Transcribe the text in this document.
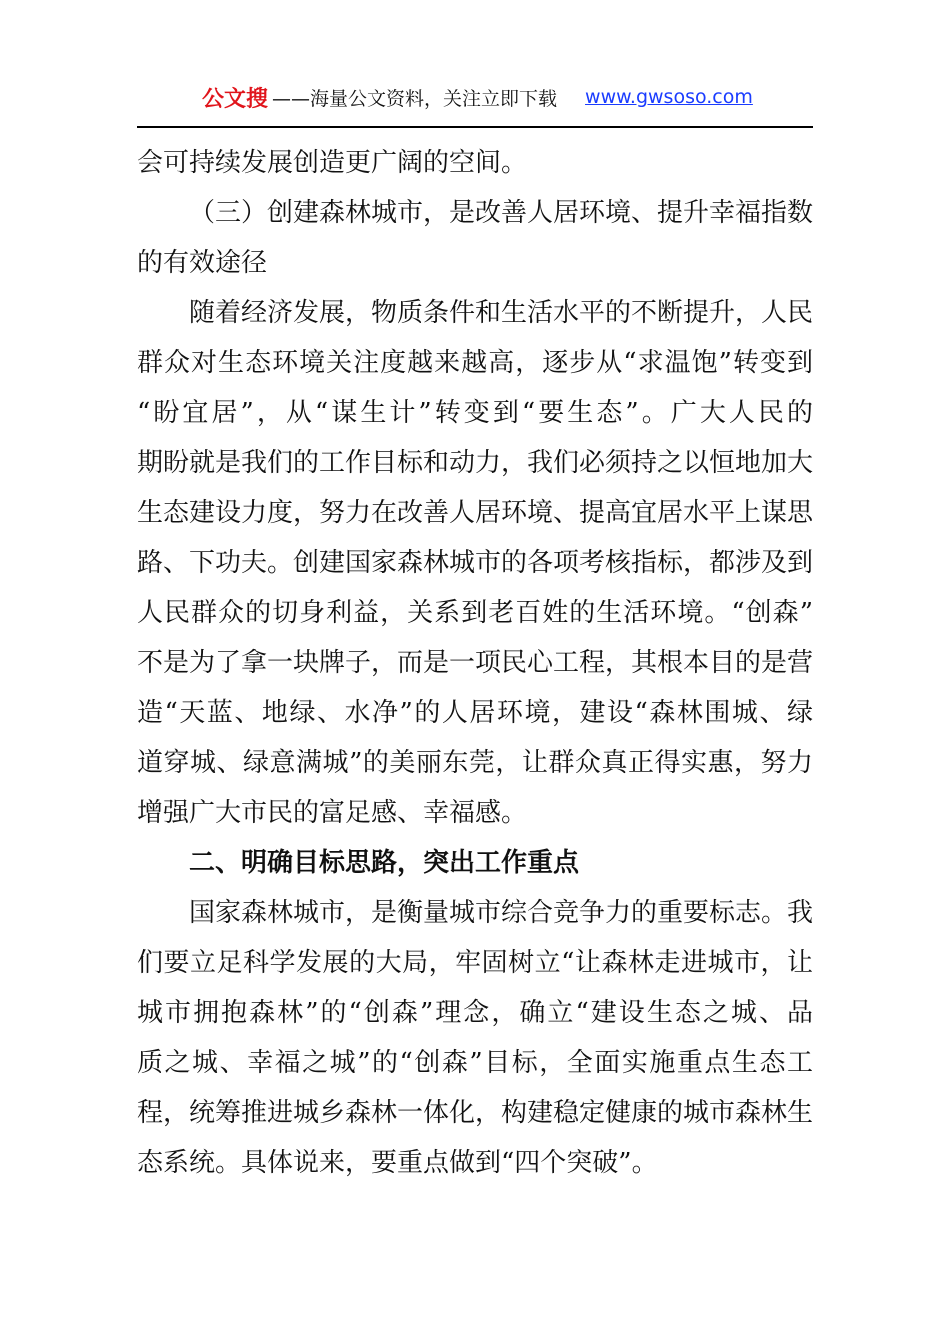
公文搜 ——海量公文资料，关注立即下载 www.gwsoso.com
会可持续发展创造更广阔的空间。
（三）创建森林城市，是改善人居环境、提升幸福指数
的有效途径
随着经济发展，物质条件和生活水平的不断提升，人民
群众对生态环境关注度越来越高，逐步从“求温饱”转变到
“盼宜居”，从“谋生计”转变到“要生态”。广大人民的
期盼就是我们的工作目标和动力，我们必须持之以恒地加大
生态建设力度，努力在改善人居环境、提高宜居水平上谋思
路、下功夫。创建国家森林城市的各项考核指标，都涉及到
人民群众的切身利益，关系到老百姓的生活环境。“创森”
不是为了拿一块牌子，而是一项民心工程，其根本目的是营
造“天蓝、地绿、水净”的人居环境，建设“森林围城、绿
道穿城、绿意满城”的美丽东莞，让群众真正得实惠，努力
增强广大市民的富足感、幸福感。
二、明确目标思路，突出工作重点
国家森林城市，是衡量城市综合竞争力的重要标志。我
们要立足科学发展的大局，牢固树立“让森林走进城市，让
城市拥抱森林”的“创森”理念，确立“建设生态之城、品
质之城、幸福之城”的“创森”目标，全面实施重点生态工
程，统筹推进城乡森林一体化，构建稳定健康的城市森林生
态系统。具体说来，要重点做到“四个突破”。
